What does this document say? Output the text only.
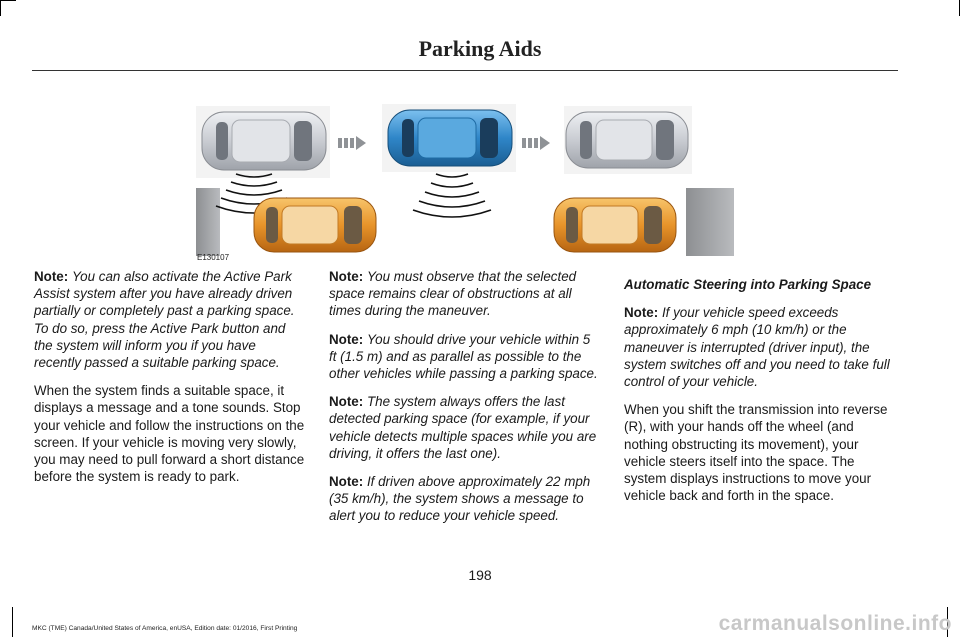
Parking Aids
E130107

Note: You can also activate the Active Park Assist system after you have already driven partially or completely past a parking space. To do so, press the Active Park button and the system will inform you if you have recently passed a suitable parking space.

When the system finds a suitable space, it displays a message and a tone sounds. Stop your vehicle and follow the instructions on the screen. If your vehicle is moving very slowly, you may need to pull forward a short distance before the system is ready to park.

Note: You must observe that the selected space remains clear of obstructions at all times during the maneuver.

Note: You should drive your vehicle within 5 ft (1.5 m) and as parallel as possible to the other vehicles while passing a parking space.

Note: The system always offers the last detected parking space (for example, if your vehicle detects multiple spaces while you are driving, it offers the last one).

Note: If driven above approximately 22 mph (35 km/h), the system shows a message to alert you to reduce your vehicle speed.

Automatic Steering into Parking Space

Note: If your vehicle speed exceeds approximately 6 mph (10 km/h) or the maneuver is interrupted (driver input), the system switches off and you need to take full control of your vehicle.

When you shift the transmission into reverse (R), with your hands off the wheel (and nothing obstructing its movement), your vehicle steers itself into the space. The system displays instructions to move your vehicle back and forth in the space.

198
MKC (TME) Canada/United States of America, enUSA, Edition date: 01/2016, First Printing	carmanualsonline.info
